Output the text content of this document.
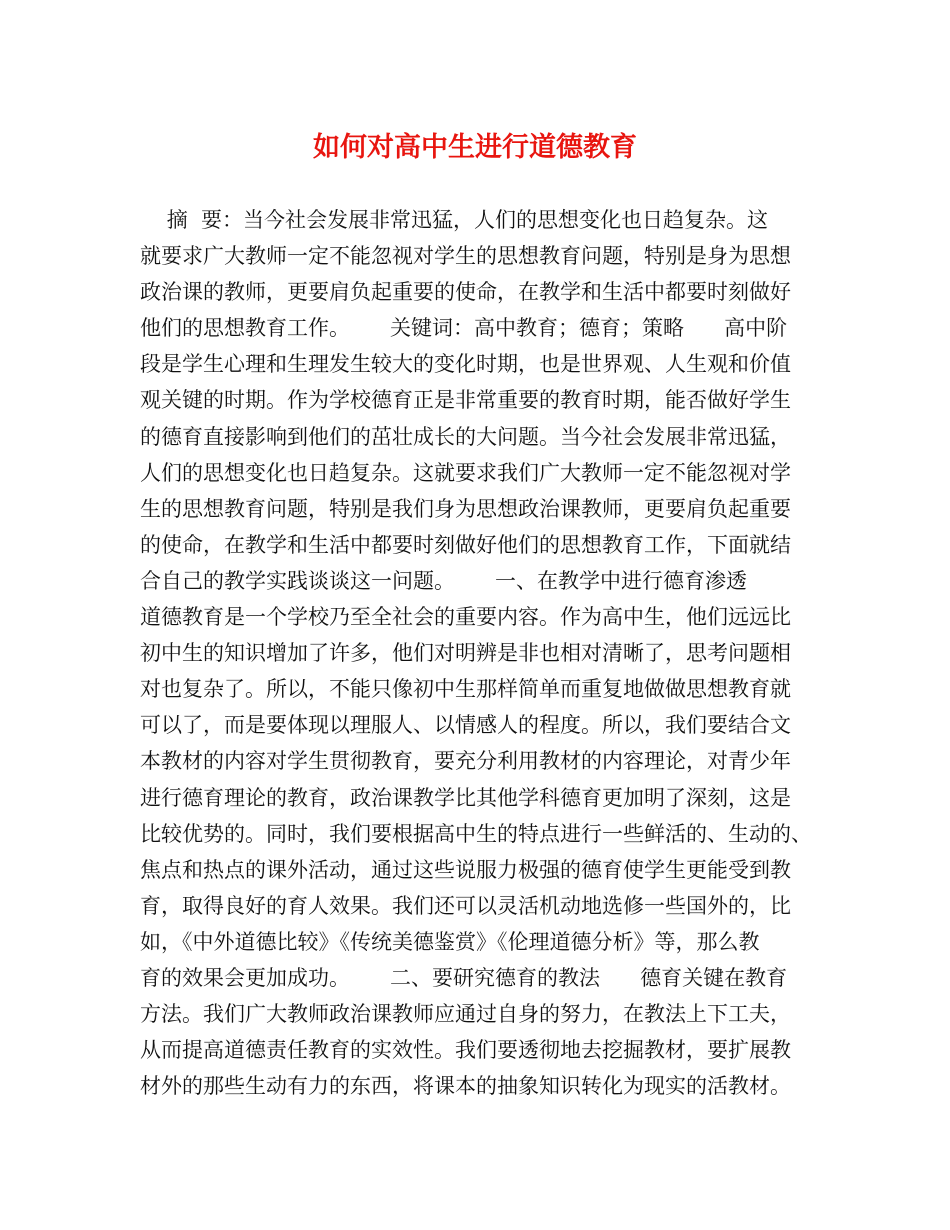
如何对高中生进行道德教育
摘  要：当今社会发展非常迅猛，人们的思想变化也日趋复杂。这
就要求广大教师一定不能忽视对学生的思想教育问题，特别是身为思想
政治课的教师，更要肩负起重要的使命，在教学和生活中都要时刻做好
他们的思想教育工作。      关键词：高中教育；德育；策略      高中阶
段是学生心理和生理发生较大的变化时期，也是世界观、人生观和价值
观关键的时期。作为学校德育正是非常重要的教育时期，能否做好学生
的德育直接影响到他们的茁壮成长的大问题。当今社会发展非常迅猛，
人们的思想变化也日趋复杂。这就要求我们广大教师一定不能忽视对学
生的思想教育问题，特别是我们身为思想政治课教师，更要肩负起重要
的使命，在教学和生活中都要时刻做好他们的思想教育工作，下面就结
合自己的教学实践谈谈这一问题。      一、在教学中进行德育渗透
道德教育是一个学校乃至全社会的重要内容。作为高中生，他们远远比
初中生的知识增加了许多，他们对明辨是非也相对清晰了，思考问题相
对也复杂了。所以，不能只像初中生那样简单而重复地做做思想教育就
可以了，而是要体现以理服人、以情感人的程度。所以，我们要结合文
本教材的内容对学生贯彻教育，要充分利用教材的内容理论，对青少年
进行德育理论的教育，政治课教学比其他学科德育更加明了深刻，这是
比较优势的。同时，我们要根据高中生的特点进行一些鲜活的、生动的、
焦点和热点的课外活动，通过这些说服力极强的德育使学生更能受到教
育，取得良好的育人效果。我们还可以灵活机动地选修一些国外的，比
如，《中外道德比较》《传统美德鉴赏》《伦理道德分析》等，那么教
育的效果会更加成功。      二、要研究德育的教法      德育关键在教育
方法。我们广大教师政治课教师应通过自身的努力，在教法上下工夫，
从而提高道德责任教育的实效性。我们要透彻地去挖掘教材，要扩展教
材外的那些生动有力的东西，将课本的抽象知识转化为现实的活教材。
